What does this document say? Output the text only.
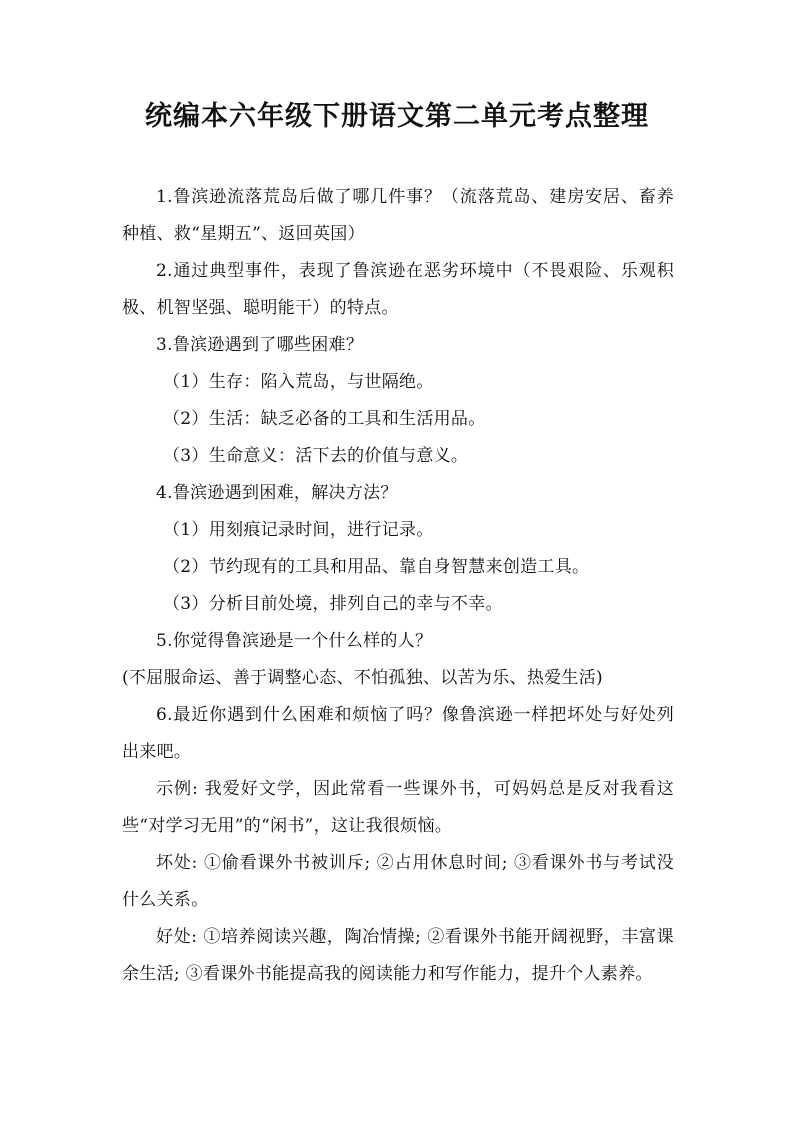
统编本六年级下册语文第二单元考点整理

1.鲁滨逊流落荒岛后做了哪几件事？（流落荒岛、建房安居、畜养种植、救“星期五”、返回英国）

2.通过典型事件，表现了鲁滨逊在恶劣环境中（不畏艰险、乐观积极、机智坚强、聪明能干）的特点。

3.鲁滨逊遇到了哪些困难？

（1）生存：陷入荒岛，与世隔绝。

（2）生活：缺乏必备的工具和生活用品。

（3）生命意义：活下去的价值与意义。

4.鲁滨逊遇到困难，解决方法？

（1）用刻痕记录时间，进行记录。

（2）节约现有的工具和用品、靠自身智慧来创造工具。

（3）分析目前处境，排列自己的幸与不幸。

5.你觉得鲁滨逊是一个什么样的人？

(不屈服命运、善于调整心态、不怕孤独、以苦为乐、热爱生活)

6.最近你遇到什么困难和烦恼了吗？像鲁滨逊一样把坏处与好处列出来吧。

示例: 我爱好文学，因此常看一些课外书，可妈妈总是反对我看这些“对学习无用”的“闲书”，这让我很烦恼。

坏处: ①偷看课外书被训斥; ②占用休息时间; ③看课外书与考试没什么关系。

好处: ①培养阅读兴趣，陶冶情操; ②看课外书能开阔视野，丰富课余生活; ③看课外书能提高我的阅读能力和写作能力，提升个人素养。
